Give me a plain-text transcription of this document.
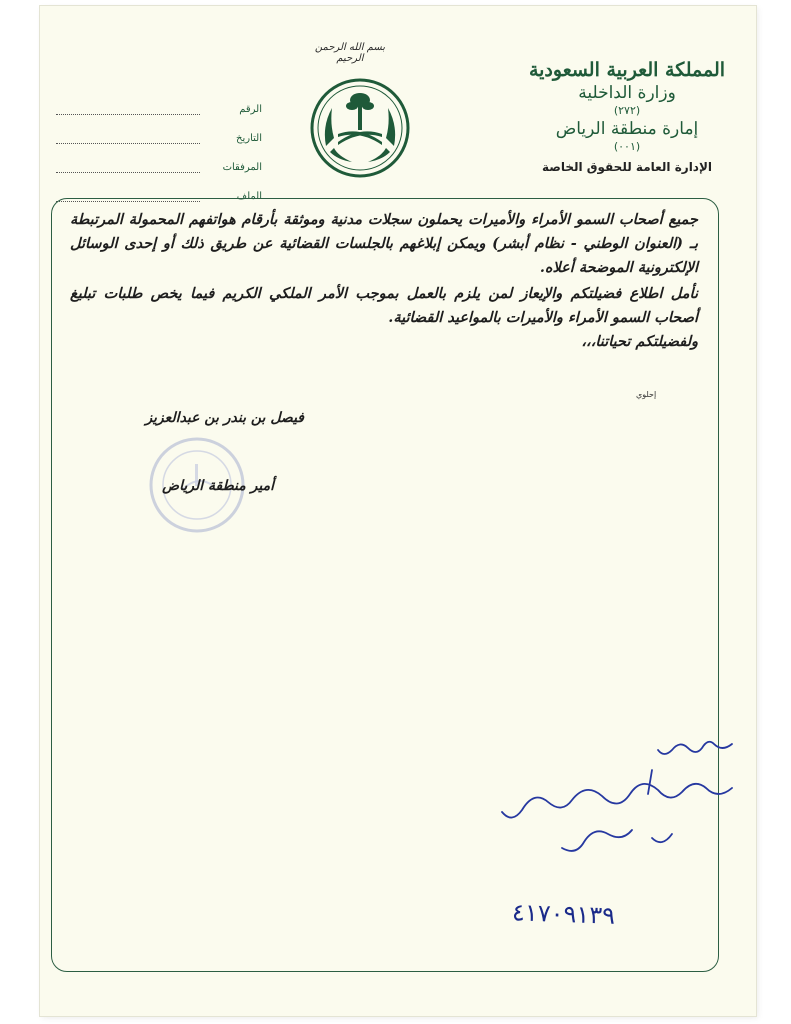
بسم الله الرحمن الرحيم
المملكة العربية السعودية
وزارة الداخلية
(٢٧٢)
إمارة منطقة الرياض
(٠٠١)
الإدارة العامة للحقوق الخاصة
الرقم
التاريخ
المرفقات
الملف

جميع أصحاب السمو الأمراء والأميرات يحملون سجلات مدنية وموثقة بأرقام هواتفهم المحمولة المرتبطة بـ (العنوان الوطني - نظام أبشر) ويمكن إبلاغهم بالجلسات القضائية عن طريق ذلك أو إحدى الوسائل الإلكترونية الموضحة أعلاه.

نأمل اطلاع فضيلتكم والإيعاز لمن يلزم بالعمل بموجب الأمر الملكي الكريم فيما يخص طلبات تبليغ أصحاب السمو الأمراء والأميرات بالمواعيد القضائية.

ولفضيلتكم تحياتنا،،،

إحلوي
فيصل بن بندر بن عبدالعزيز
أمير منطقة الرياض
٤١٧٠٩١٣٩
